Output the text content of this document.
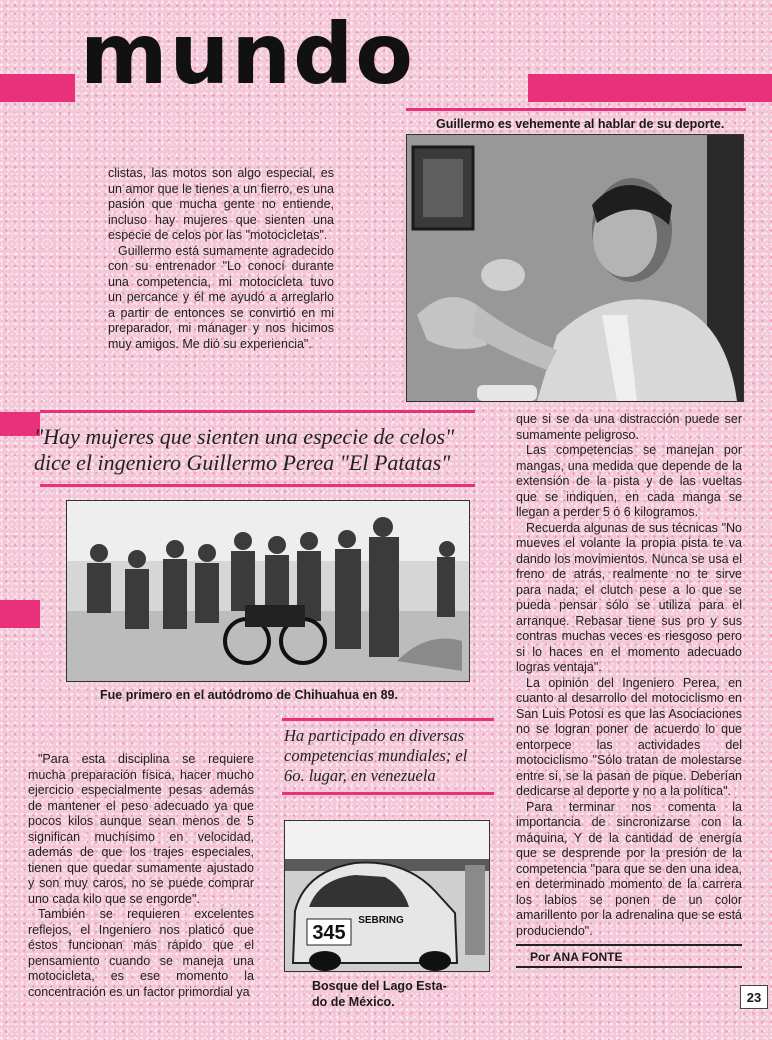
mundo
Guillermo es vehemente al hablar de su deporte.

clistas, las motos son algo especial, es un amor que le tienes a un fierro, es una pasión que mucha gente no entiende, incluso hay mujeres que sienten una especie de celos por las "motocicletas".

Guillermo está sumamente agradecido con su entrenador "Lo conocí durante una competencia, mi motocicleta tuvo un percance y él me ayudó a arreglarlo a partir de entonces se convirtió en mi preparador, mi mánager y nos hicimos muy amigos. Me dió su experiencia".

"Hay mujeres que sienten una especie de celos"
dice el ingeniero Guillermo Perea "El Patatas"
Fue primero en el autódromo de Chihuahua en 89.
Ha participado en diversas
competencias mundiales; el
6o. lugar, en venezuela

"Para esta disciplina se requiere mucha preparación física, hacer mucho ejercicio especialmente pesas además de mantener el peso adecuado ya que pocos kilos aunque sean menos de 5 significan muchísimo en velocidad, además de que los trajes especiales, tienen que quedar sumamente ajustado y son muy caros, no se puede comprar uno cada kilo que se engorde".

También se requieren excelentes reflejos, el Ingeniero nos platicó que éstos funcionan más rápido que el pensamiento cuando se maneja una motocicleta, es ese momento la concentración es un factor primordial ya

345
SEBRING
Bosque del Lago Esta-
do de México.

que si se da una distracción puede ser sumamente peligroso.

Las competencias se manejan por mangas, una medida que depende de la extensión de la pista y de las vueltas que se indiquen, en cada manga se llegan a perder 5 ó 6 kilogramos.

Recuerda algunas de sus técnicas "No mueves el volante la propia pista te va dando los movimientos. Nunca se usa el freno de atrás, realmente no te sirve para nada; el clutch pese a lo que se pueda pensar sólo se utiliza para el arranque. Rebasar tiene sus pro y sus contras muchas veces es riesgoso pero si lo haces en el momento adecuado logras ventaja".

La opinión del Ingeniero Perea, en cuanto al desarrollo del motociclismo en San Luis Potosí es que las Asociaciones no se logran poner de acuerdo lo que entorpece las actividades del motociclismo "Sólo tratan de molestarse entre sí, se la pasan de pique. Deberían dedicarse al deporte y no a la política".

Para terminar nos comenta la importancia de sincronizarse con la máquina, Y de la cantidad de energía que se desprende por la presión de la competencia "para que se den una idea, en determinado momento de la carrera los labios se ponen de un color amarillento por la adrenalina que se está produciendo".

Por ANA FONTE
23
